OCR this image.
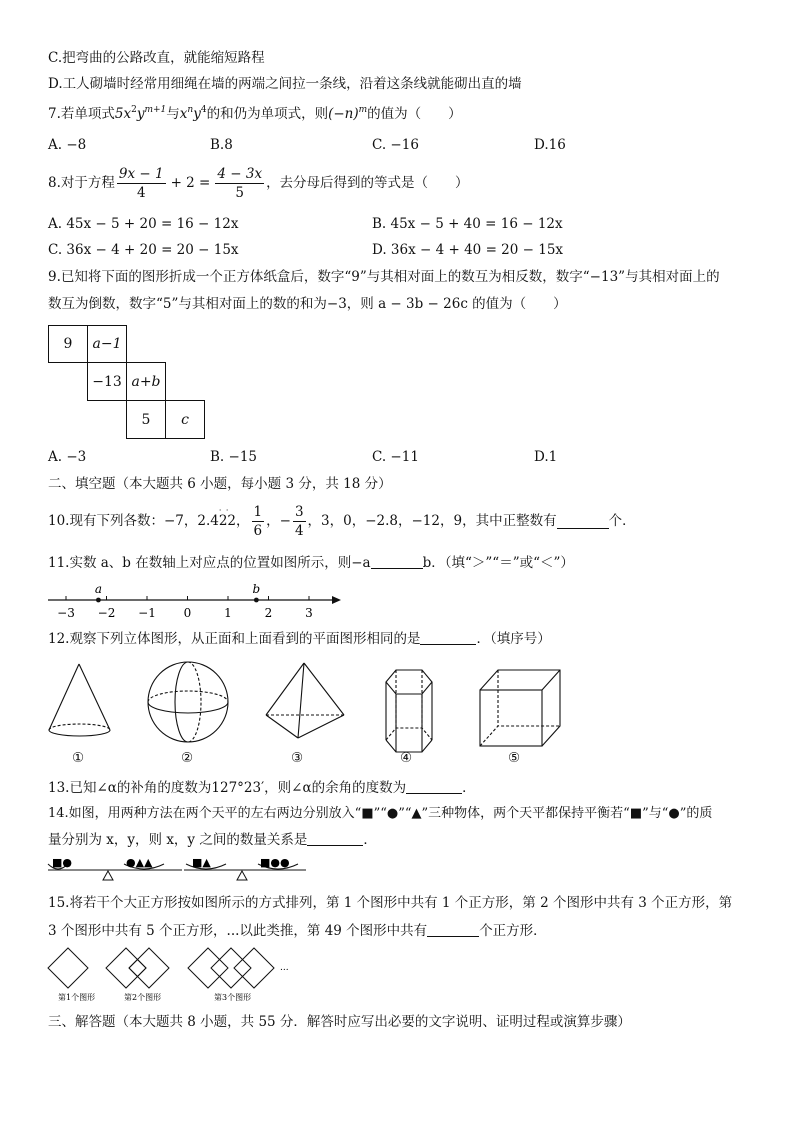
C.把弯曲的公路改直，就能缩短路程
D.工人砌墙时经常用细绳在墙的两端之间拉一条线，沿着这条线就能砌出直的墙
7.若单项式$5x^2y^{m+1}$与$x^ny^4$的和仍为单项式，则$(-n)^m$的值为（　　）
A. −8	B.8	C. −16	D.16
8.对于方程 $\frac{9x - 1}{4} + 2 = \frac{4 - 3x}{5}$ ，去分母后得到的等式是（　　）
A. 45x − 5 + 20 = 16 − 12x	B. 45x − 5 + 40 = 16 − 12x
C. 36x − 4 + 20 = 20 − 15x	D. 36x − 4 + 40 = 20 − 15x
9.已知将下面的图形折成一个正方体纸盒后，数字“9”与其相对面上的数互为相反数，数字“−13”与其相对面上的
数互为倒数，数字“5”与其相对面上的数的和为−3，则 a − 3b − 26c 的值为（　　）
9	a−1
−13 a+b
5	c
A. −3	B. −15	C. −11	D.1
二、填空题（本大题共 6 小题，每小题 3 分，共 18 分）
10.现有下列各数：−7，2.4
· ·
22 ， $\frac{1}{6}$ ，− $\frac{3}{4}$ ，3，0，−2.8，−12，9，其中正整数有	个．
11.实数 a、b 在数轴上对应点的位置如图所示，则−a	b．（填“＞”“＝”或“＜”）
−3 −2 −1 0	1	2	3
a	b
12.观察下列立体图形，从正面和上面看到的平面图形相同的是	．（填序号）
①	②	③	④	⑤
13.已知∠α的补角的度数为127°23′，则∠α的余角的度数为	．
14.如图，用两种方法在两个天平的左右两边分别放入“■”“●”“▲”三种物体，两个天平都保持平衡若“■”与“●”的质
量分别为 x，y，则 x，y 之间的数量关系是	．
■●	●▲▲	■▲	■●●
15.将若干个大正方形按如图所示的方式排列，第 1 个图形中共有 1 个正方形，第 2 个图形中共有 3 个正方形，第
3 个图形中共有 5 个正方形，...以此类推，第 49 个图形中共有	个正方形．
...
第1个图形	第2个图形	第3个图形
三、解答题（本大题共 8 小题，共 55 分．解答时应写出必要的文字说明、证明过程或演算步骤）
